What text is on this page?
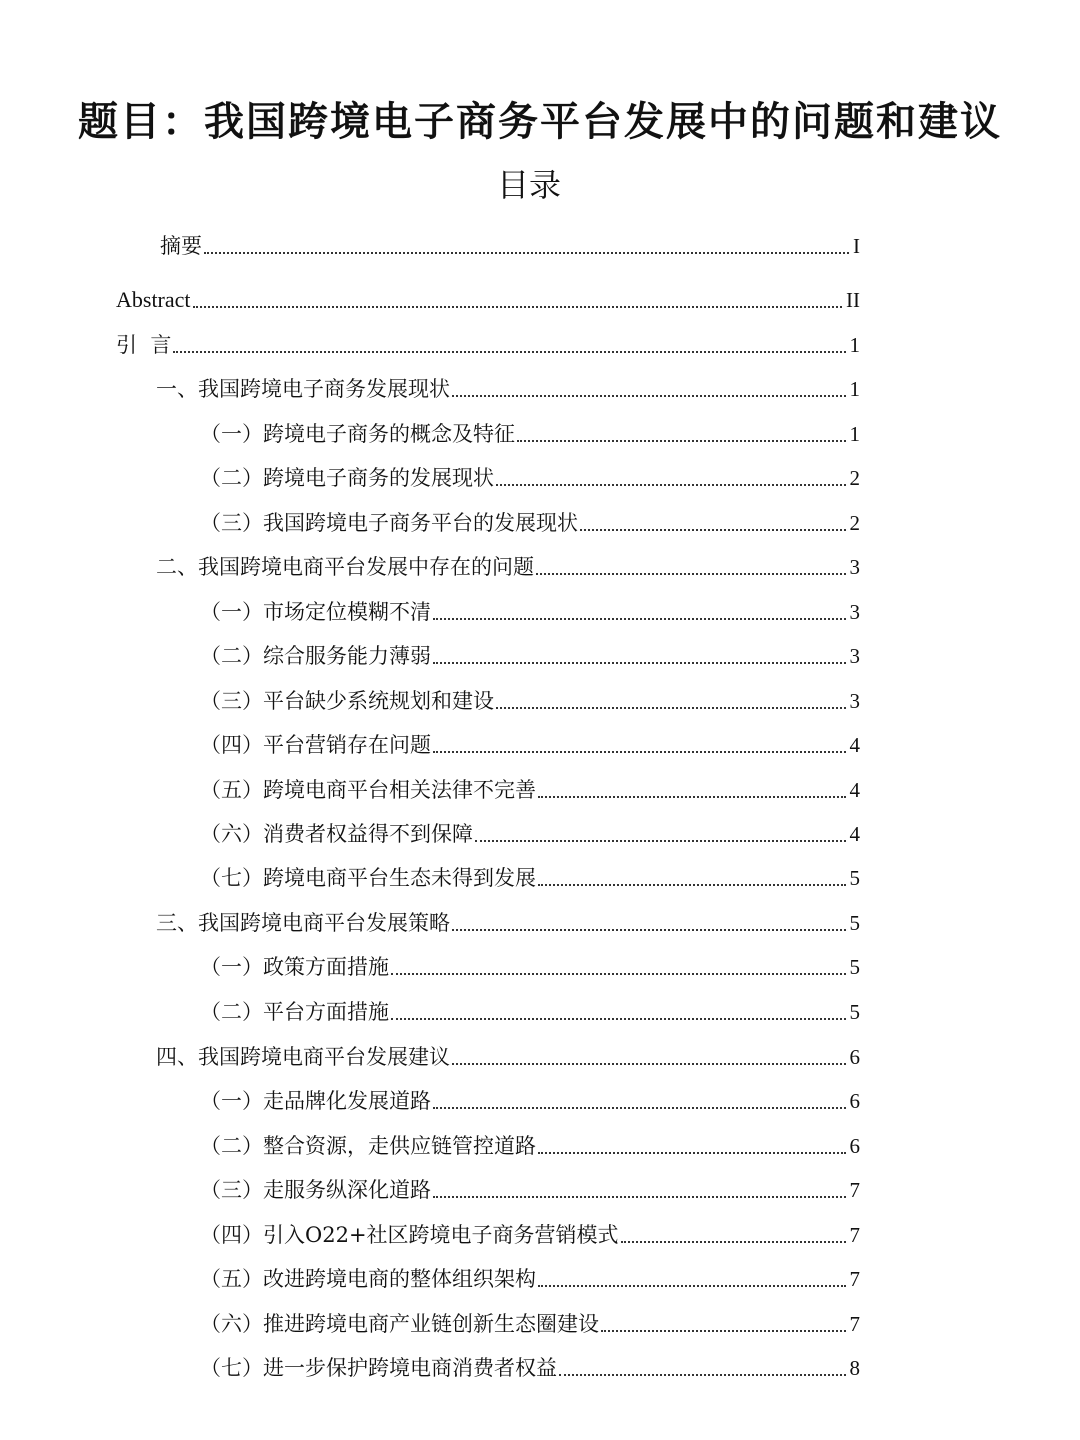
题目：我国跨境电子商务平台发展中的问题和建议
目录
摘要	I
Abstract	II
引  言	1
一、我国跨境电子商务发展现状	1
（一）跨境电子商务的概念及特征	1
（二）跨境电子商务的发展现状	2
（三）我国跨境电子商务平台的发展现状	2
二、我国跨境电商平台发展中存在的问题	3
（一）市场定位模糊不清	3
（二）综合服务能力薄弱	3
（三）平台缺少系统规划和建设	3
（四）平台营销存在问题	4
（五）跨境电商平台相关法律不完善	4
（六）消费者权益得不到保障	4
（七）跨境电商平台生态未得到发展	5
三、我国跨境电商平台发展策略	5
（一）政策方面措施	5
（二）平台方面措施	5
四、我国跨境电商平台发展建议	6
（一）走品牌化发展道路	6
（二）整合资源，走供应链管控道路	6
（三）走服务纵深化道路	7
（四）引入O22+社区跨境电子商务营销模式	7
（五）改进跨境电商的整体组织架构	7
（六）推进跨境电商产业链创新生态圈建设	7
（七）进一步保护跨境电商消费者权益	8
